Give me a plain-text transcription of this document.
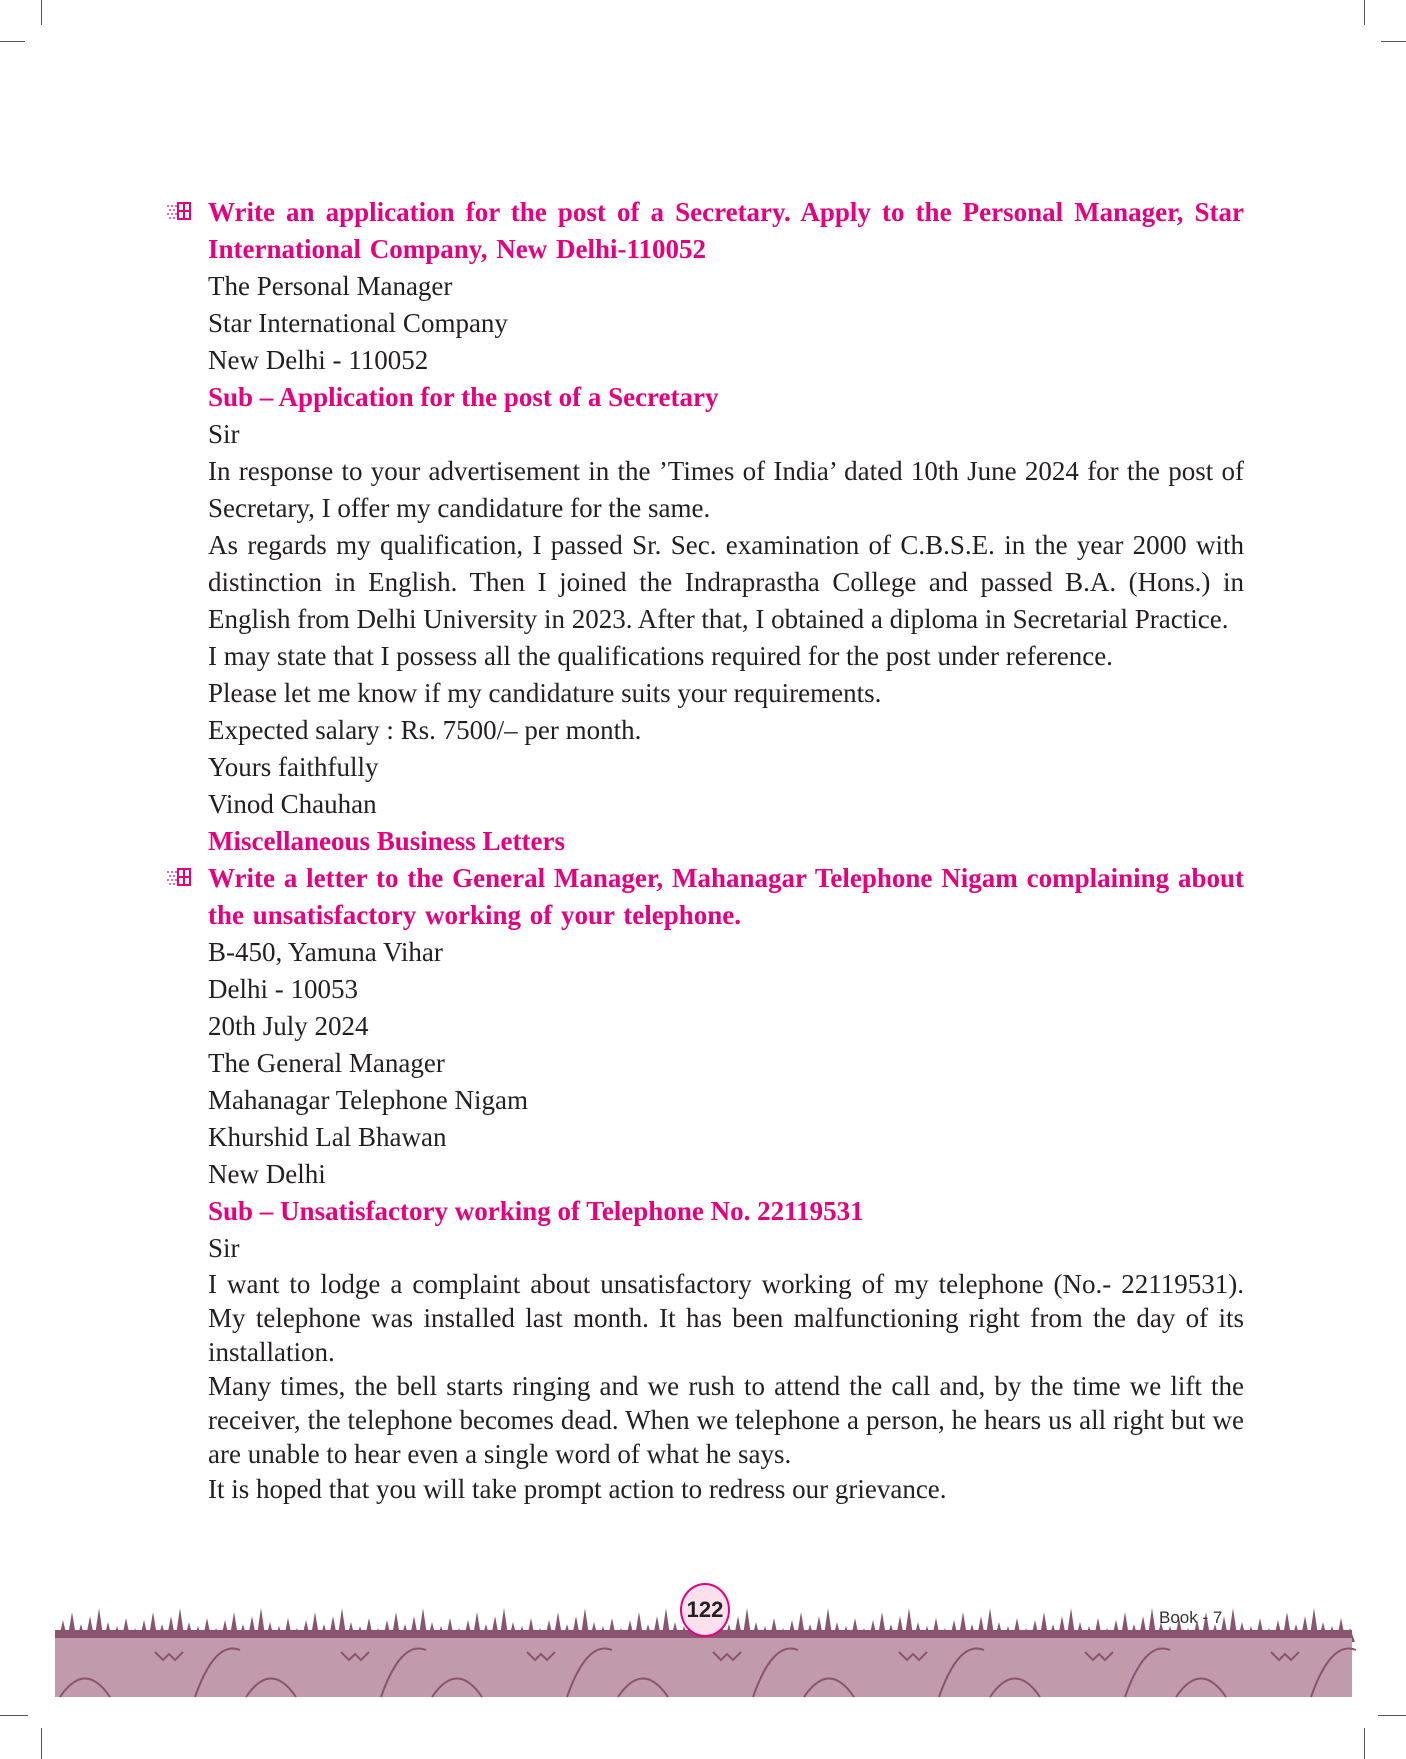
Write an application for the post of a Secretary. Apply to the Personal Manager, Star International Company, New Delhi-110052
The Personal Manager
Star International Company
New Delhi - 110052
Sub – Application for the post of a Secretary
Sir
In response to your advertisement in the ’Times of India’ dated 10th June 2024 for the post of Secretary, I offer my candidature for the same.
As regards my qualification, I passed Sr. Sec. examination of C.B.S.E. in the year 2000 with distinction in English. Then I joined the Indraprastha College and passed B.A. (Hons.) in English from Delhi University in 2023. After that, I obtained a diploma in Secretarial Practice.
I may state that I possess all the qualifications required for the post under reference.
Please let me know if my candidature suits your requirements.
Expected salary : Rs. 7500/– per month.
Yours faithfully
Vinod Chauhan
Miscellaneous Business Letters
Write a letter to the General Manager, Mahanagar Telephone Nigam complaining about the unsatisfactory working of your telephone.
B-450, Yamuna Vihar
Delhi - 10053
20th July 2024
The General Manager
Mahanagar Telephone Nigam
Khurshid Lal Bhawan
New Delhi
Sub – Unsatisfactory working of Telephone No. 22119531
Sir
I want to lodge a complaint about unsatisfactory working of my telephone (No.- 22119531). My telephone was installed last month. It has been malfunctioning right from the day of its installation.
Many times, the bell starts ringing and we rush to attend the call and, by the time we lift the receiver, the telephone becomes dead. When we telephone a person, he hears us all right but we are unable to hear even a single word of what he says.
It is hoped that you will take prompt action to redress our grievance.
122	Book - 7
